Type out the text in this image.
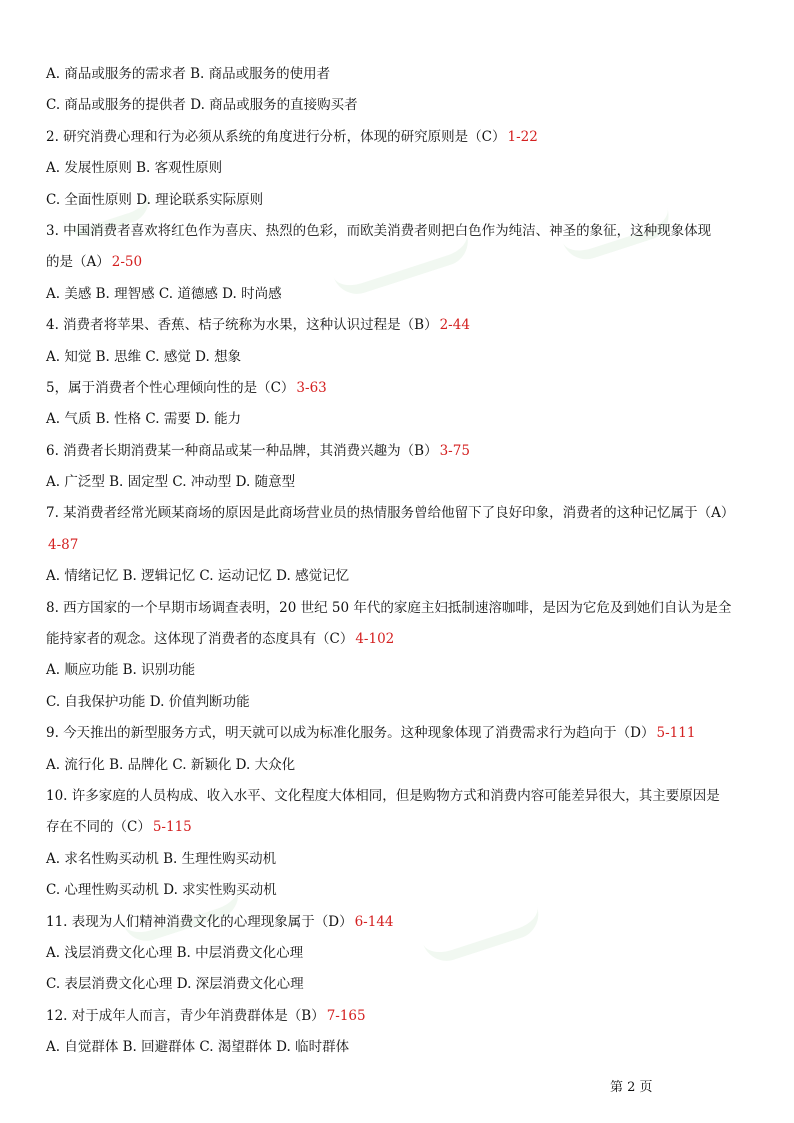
A. 商品或服务的需求者 B. 商品或服务的使用者
C. 商品或服务的提供者 D. 商品或服务的直接购买者
2. 研究消费心理和行为必须从系统的角度进行分析，体现的研究原则是（C） 1-22
A. 发展性原则 B. 客观性原则
C. 全面性原则 D. 理论联系实际原则
3. 中国消费者喜欢将红色作为喜庆、热烈的色彩，而欧美消费者则把白色作为纯洁、神圣的象征，这种现象体现
的是（A） 2-50
A. 美感 B. 理智感 C. 道德感 D. 时尚感
4. 消费者将苹果、香蕉、桔子统称为水果，这种认识过程是（B） 2-44
A. 知觉 B. 思维 C. 感觉 D. 想象
5，属于消费者个性心理倾向性的是（C） 3-63
A. 气质 B. 性格 C. 需要 D. 能力
6. 消费者长期消费某一种商品或某一种品牌，其消费兴趣为（B） 3-75
A. 广泛型 B. 固定型 C. 冲动型 D. 随意型
7. 某消费者经常光顾某商场的原因是此商场营业员的热情服务曾给他留下了良好印象，消费者的这种记忆属于（A）
4-87
A. 情绪记忆 B. 逻辑记忆 C. 运动记忆 D. 感觉记忆
8. 西方国家的一个早期市场调查表明，20 世纪 50 年代的家庭主妇抵制速溶咖啡，是因为它危及到她们自认为是全
能持家者的观念。这体现了消费者的态度具有（C） 4-102
A. 顺应功能 B. 识别功能
C. 自我保护功能 D. 价值判断功能
9. 今天推出的新型服务方式，明天就可以成为标准化服务。这种现象体现了消费需求行为趋向于（D） 5-111
A. 流行化 B. 品牌化 C. 新颖化 D. 大众化
10. 许多家庭的人员构成、收入水平、文化程度大体相同，但是购物方式和消费内容可能差异很大，其主要原因是
存在不同的（C） 5-115
A. 求名性购买动机 B. 生理性购买动机
C. 心理性购买动机 D. 求实性购买动机
11. 表现为人们精神消费文化的心理现象属于（D） 6-144
A. 浅层消费文化心理 B. 中层消费文化心理
C. 表层消费文化心理 D. 深层消费文化心理
12. 对于成年人而言，青少年消费群体是（B） 7-165
A. 自觉群体 B. 回避群体 C. 渴望群体 D. 临时群体
第 2 页
